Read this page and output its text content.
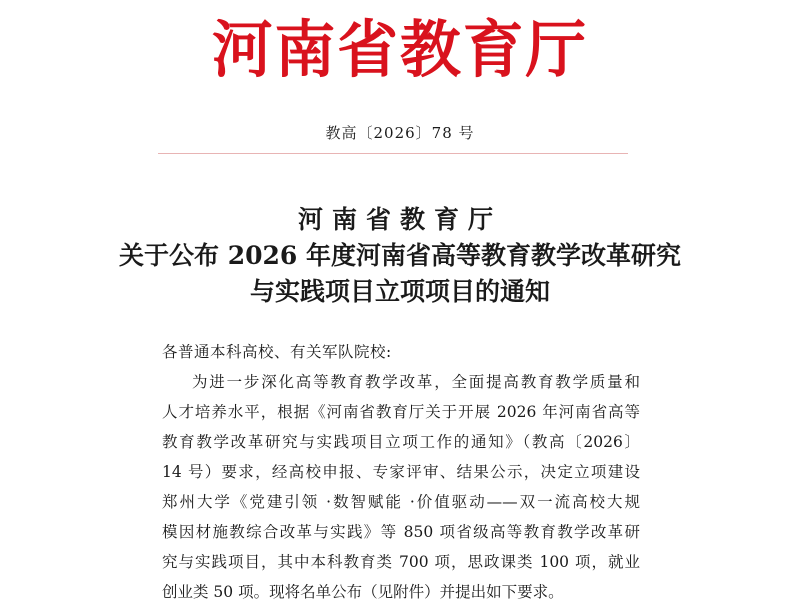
河南省教育厅
教高〔2026〕78 号
河南省教育厅
关于公布 2026 年度河南省高等教育教学改革研究
与实践项目立项项目的通知
各普通本科高校、有关军队院校:
为进一步深化高等教育教学改革，全面提高教育教学质量和
人才培养水平，根据《河南省教育厅关于开展 2026 年河南省高等
教育教学改革研究与实践项目立项工作的通知》（教高〔2026〕
14 号）要求，经高校申报、专家评审、结果公示，决定立项建设
郑州大学《党建引领 ·数智赋能 ·价值驱动——双一流高校大规
模因材施教综合改革与实践》等 850 项省级高等教育教学改革研
究与实践项目，其中本科教育类 700 项，思政课类 100 项，就业
创业类 50 项。现将名单公布（见附件）并提出如下要求。
